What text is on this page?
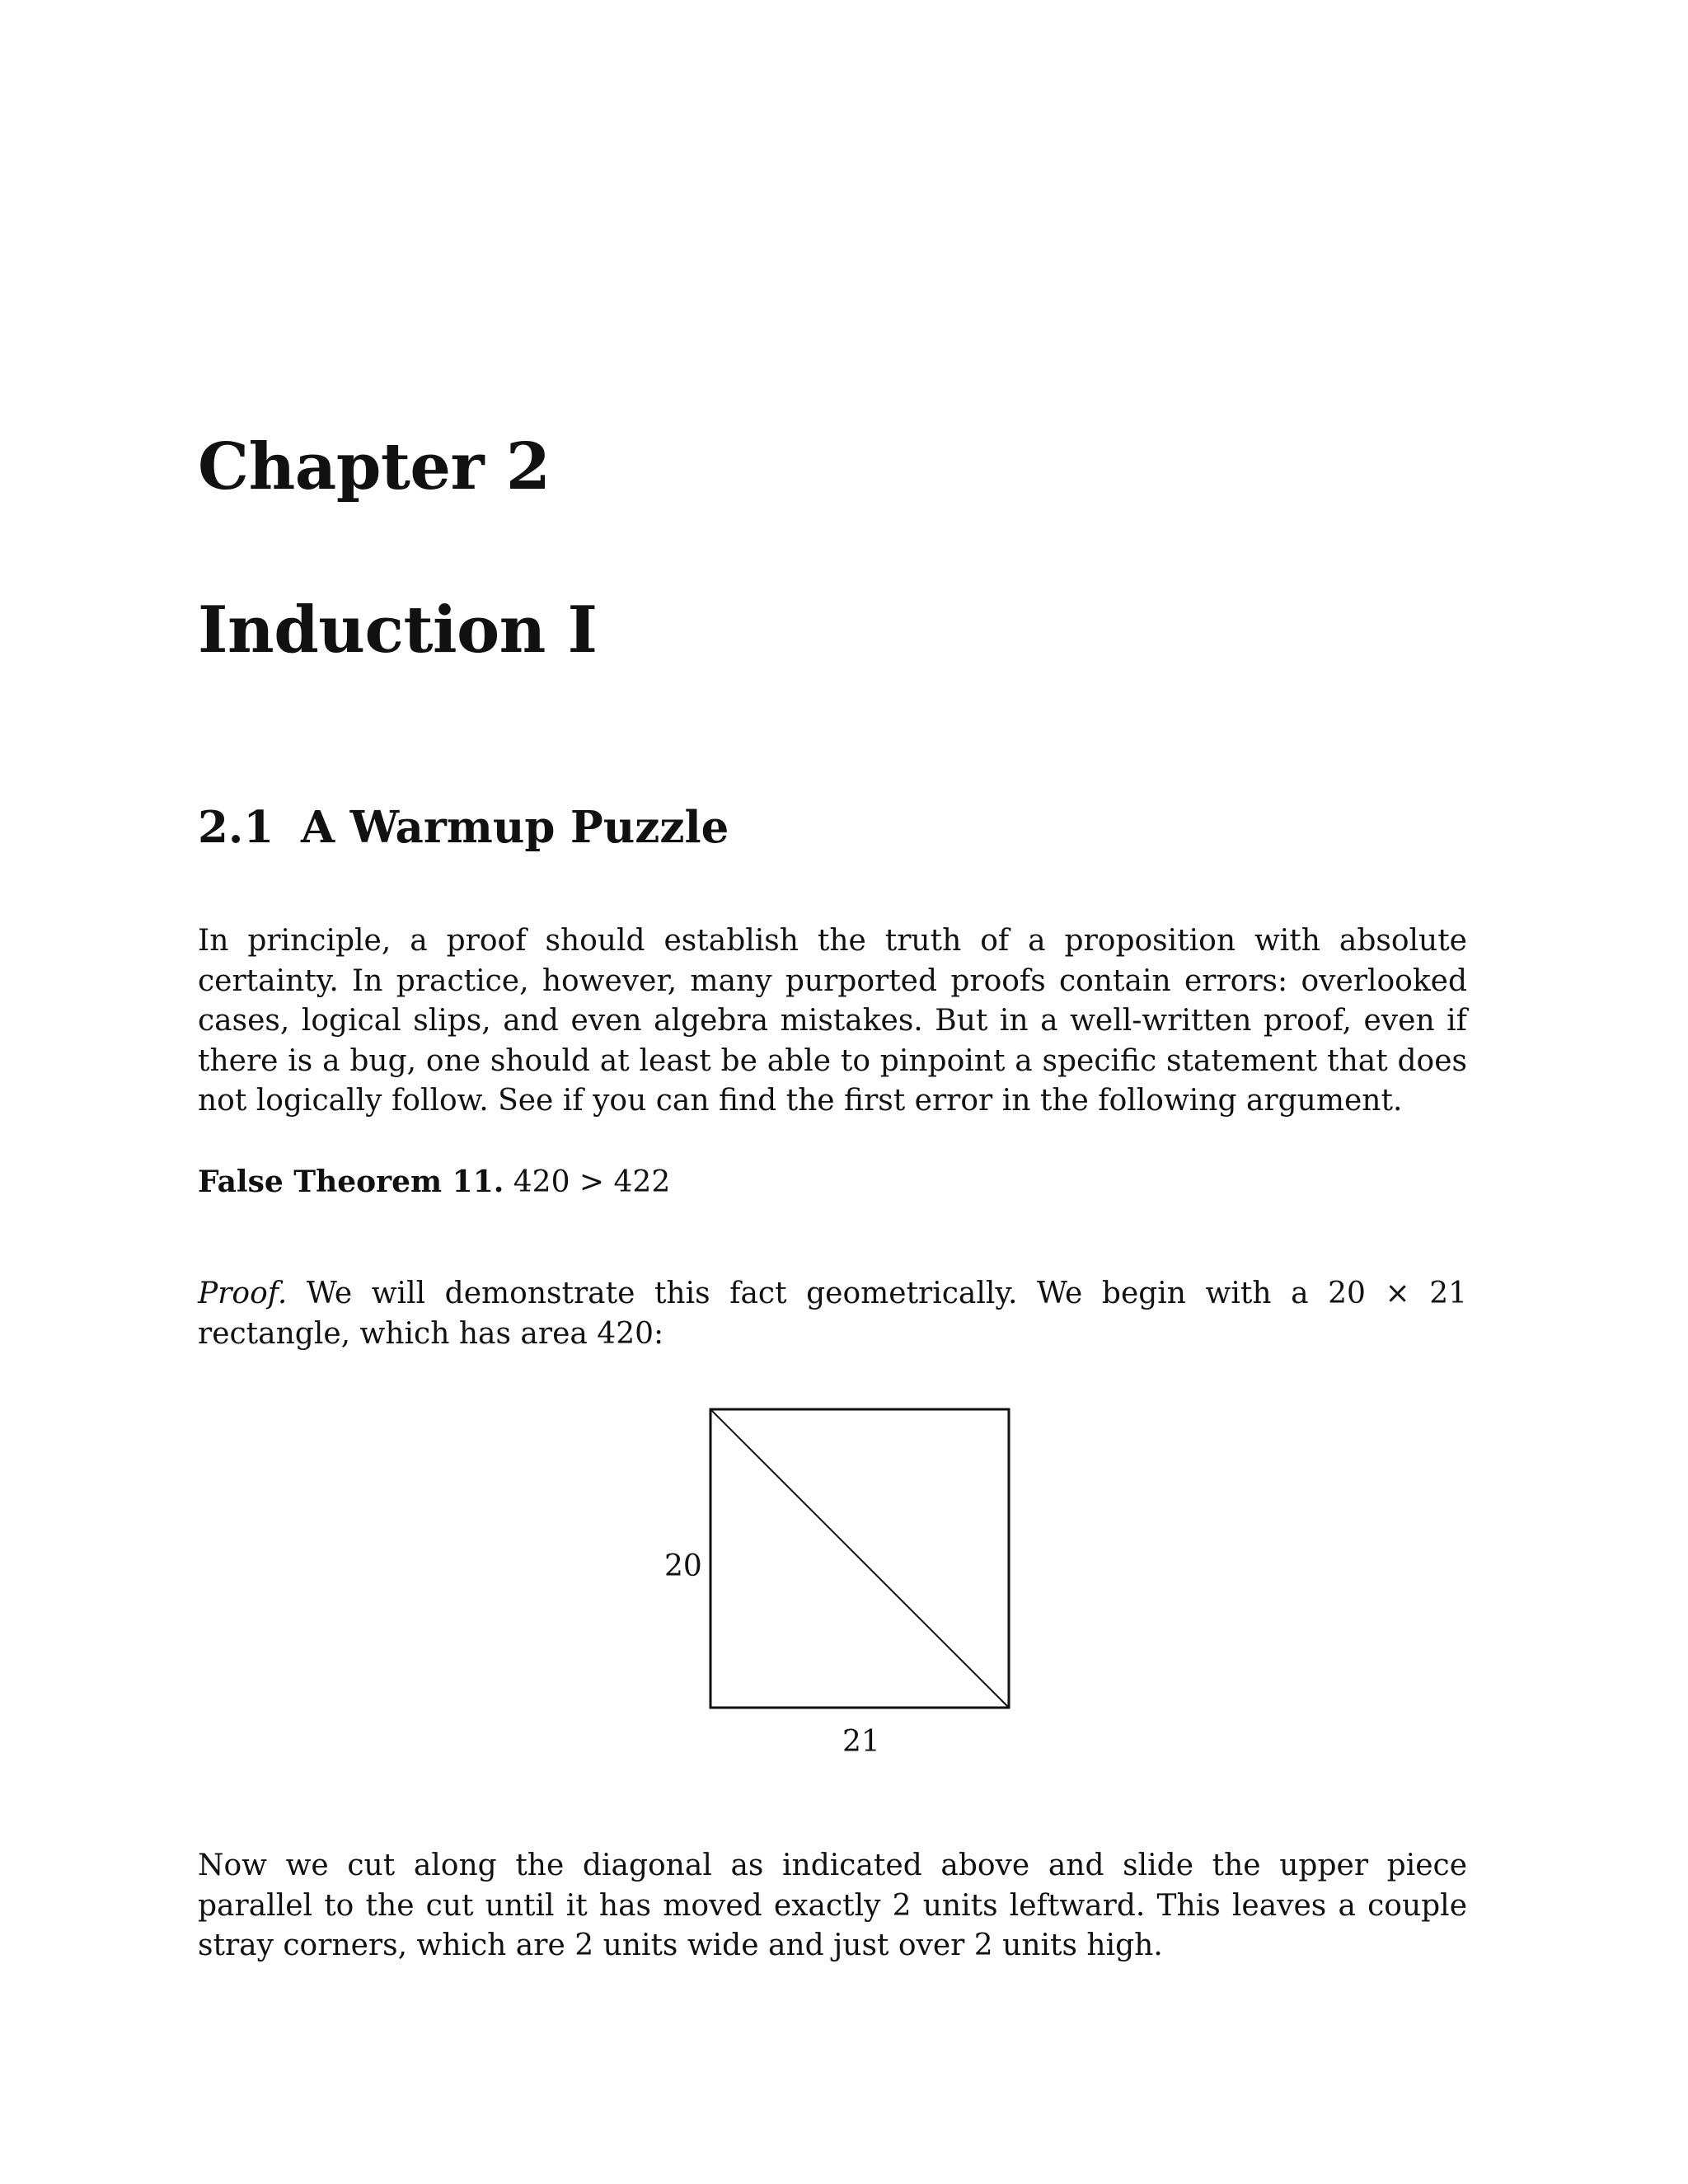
Chapter 2
Induction I
2.1 A Warmup Puzzle

In principle, a proof should establish the truth of a proposition with absolute certainty. In practice, however, many purported proofs contain errors: overlooked cases, logical slips, and even algebra mistakes. But in a well-written proof, even if there is a bug, one should at least be able to pinpoint a specific statement that does not logically follow. See if you can find the first error in the following argument.

False Theorem 11. 420 > 422

Proof. We will demonstrate this fact geometrically. We begin with a 20 × 21 rectangle, which has area 420:

20
21

Now we cut along the diagonal as indicated above and slide the upper piece parallel to the cut until it has moved exactly 2 units leftward. This leaves a couple stray corners, which are 2 units wide and just over 2 units high.
